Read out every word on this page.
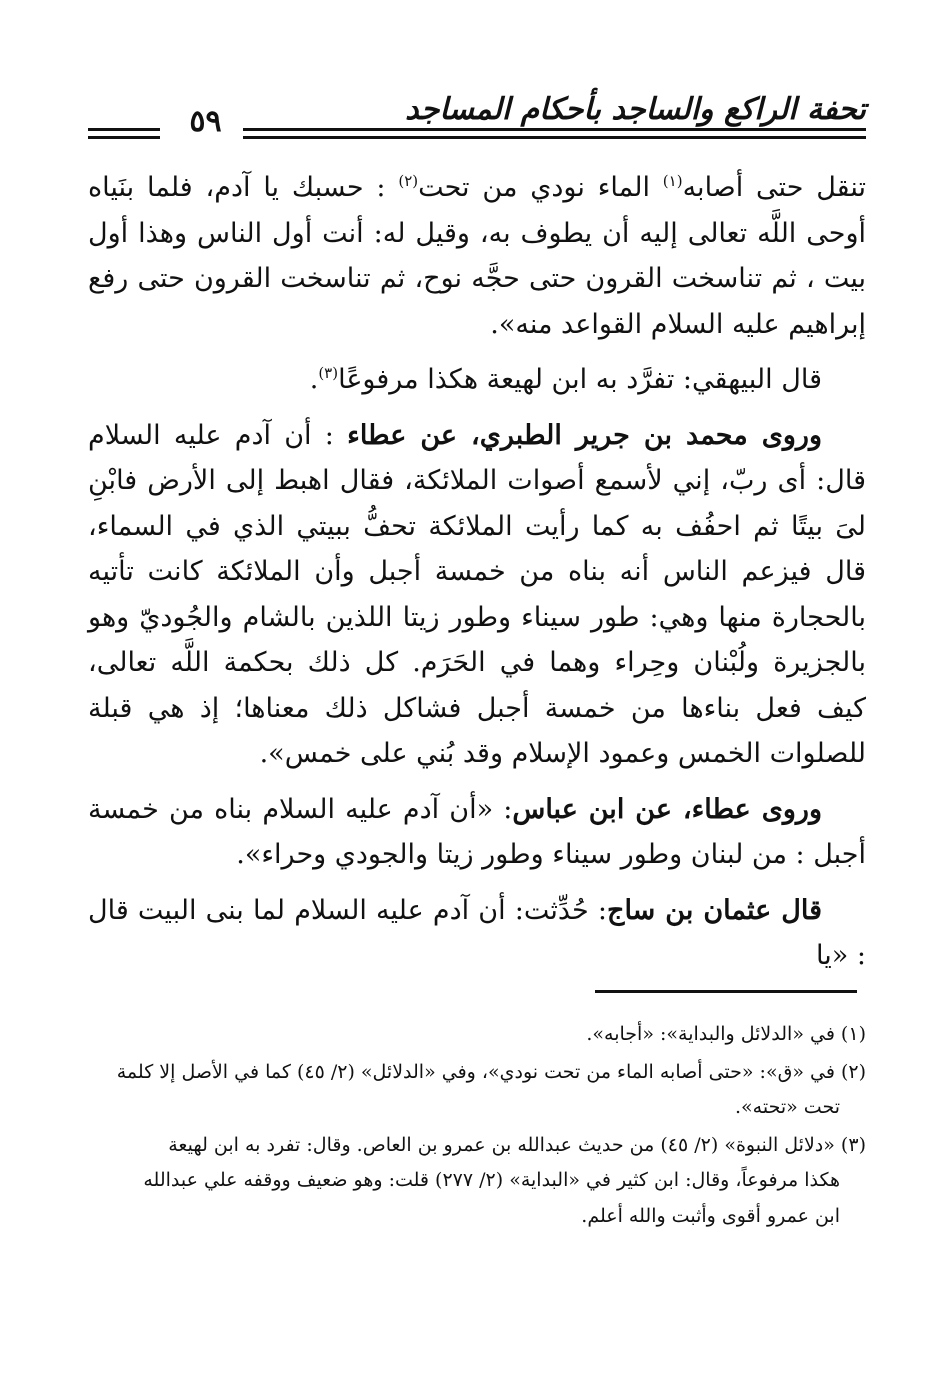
تحفة الراكع والساجد بأحكام المساجد
٥٩

تنقل حتى أصابه$^{(١)}$ الماء نودي من تحت$^{(٢)}$ : حسبك يا آدم، فلما بنَياه أوحى اللَّه تعالى إليه أن يطوف به، وقيل له: أنت أول الناس وهذا أول بيت ، ثم تناسخت القرون حتى حجَّه نوح، ثم تناسخت القرون حتى رفع إبراهيم عليه السلام القواعد منه».

قال البيهقي: تفرَّد به ابن لهيعة هكذا مرفوعًا$^{(٣)}$.

وروى محمد بن جرير الطبري، عن عطاء : أن آدم عليه السلام قال: أى ربّ، إني لأسمع أصوات الملائكة، فقال اهبط إلى الأرض فابْنِ لىَ بيتًا ثم احفُف به كما رأيت الملائكة تحفُّ ببيتي الذي في السماء، قال فيزعم الناس أنه بناه من خمسة أجبل وأن الملائكة كانت تأتيه بالحجارة منها وهي: طور سيناء وطور زيتا اللذين بالشام والجُوديّ وهو بالجزيرة ولُبْنان وحِراء وهما في الحَرَم. كل ذلك بحكمة اللَّه تعالى، كيف فعل بناءها من خمسة أجبل فشاكل ذلك معناها؛ إذ هي قبلة للصلوات الخمس وعمود الإسلام وقد بُني على خمس».

وروى عطاء، عن ابن عباس: «أن آدم عليه السلام بناه من خمسة أجبل : من لبنان وطور سيناء وطور زيتا والجودي وحراء».

قال عثمان بن ساج: حُدِّثت: أن آدم عليه السلام لما بنى البيت قال : «يا

(١) في «الدلائل والبداية»: «أجابه».

(٢) في «ق»: «حتى أصابه الماء من تحت نودي»، وفي «الدلائل» (٢/ ٤٥) كما في الأصل إلا كلمة
تحت «تحته».

(٣) «دلائل النبوة» (٢/ ٤٥) من حديث عبدالله بن عمرو بن العاص. وقال: تفرد به ابن لهيعة
هكذا مرفوعاً، وقال: ابن كثير في «البداية» (٢/ ٢٧٧) قلت: وهو ضعيف ووقفه علي عبدالله
ابن عمرو أقوى وأثبت والله أعلم.
